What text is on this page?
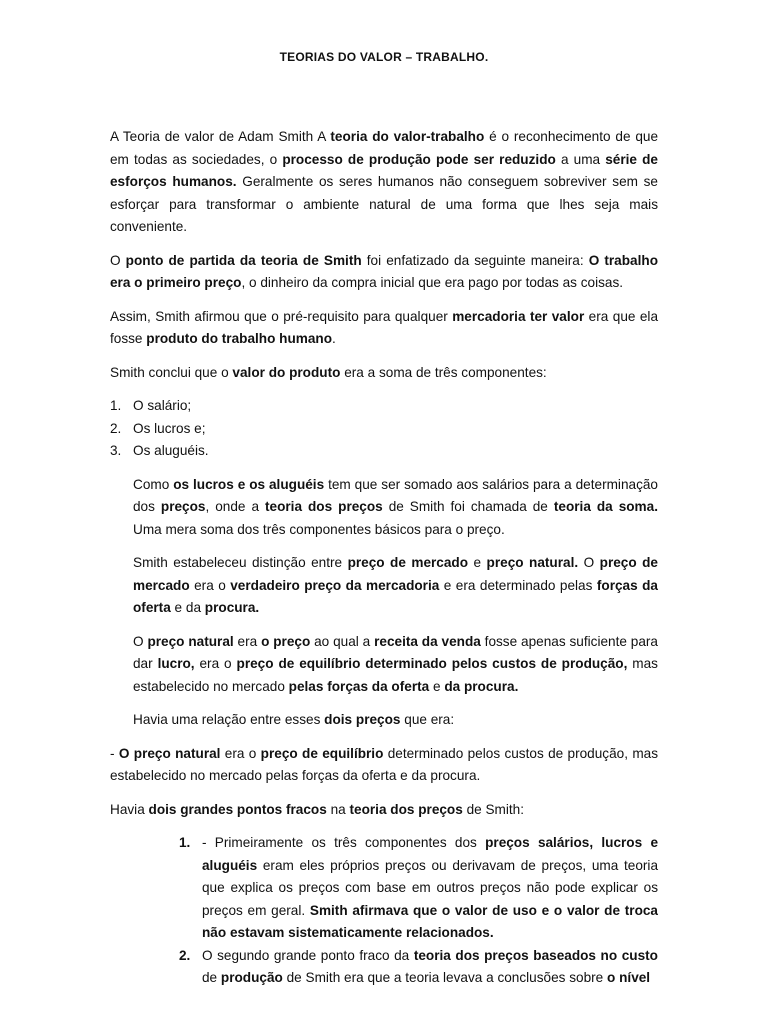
TEORIAS DO VALOR – TRABALHO.

A Teoria de valor de Adam Smith A teoria do valor-trabalho é o reconhecimento de que em todas as sociedades, o processo de produção pode ser reduzido a uma série de esforços humanos. Geralmente os seres humanos não conseguem sobreviver sem se esforçar para transformar o ambiente natural de uma forma que lhes seja mais conveniente.

O ponto de partida da teoria de Smith foi enfatizado da seguinte maneira: O trabalho era o primeiro preço, o dinheiro da compra inicial que era pago por todas as coisas.

Assim, Smith afirmou que o pré-requisito para qualquer mercadoria ter valor era que ela fosse produto do trabalho humano.

Smith conclui que o valor do produto era a soma de três componentes:

1. O salário;
2. Os lucros e;
3. Os aluguéis.

Como os lucros e os aluguéis tem que ser somado aos salários para a determinação dos preços, onde a teoria dos preços de Smith foi chamada de teoria da soma. Uma mera soma dos três componentes básicos para o preço.

Smith estabeleceu distinção entre preço de mercado e preço natural. O preço de mercado era o verdadeiro preço da mercadoria e era determinado pelas forças da oferta e da procura.

O preço natural era o preço ao qual a receita da venda fosse apenas suficiente para dar lucro, era o preço de equilíbrio determinado pelos custos de produção, mas estabelecido no mercado pelas forças da oferta e da procura.

Havia uma relação entre esses dois preços que era:

- O preço natural era o preço de equilíbrio determinado pelos custos de produção, mas estabelecido no mercado pelas forças da oferta e da procura.

Havia dois grandes pontos fracos na teoria dos preços de Smith:

1. - Primeiramente os três componentes dos preços salários, lucros e aluguéis eram eles próprios preços ou derivavam de preços, uma teoria que explica os preços com base em outros preços não pode explicar os preços em geral. Smith afirmava que o valor de uso e o valor de troca não estavam sistematicamente relacionados.
2. O segundo grande ponto fraco da teoria dos preços baseados no custo de produção de Smith era que a teoria levava a conclusões sobre o nível
